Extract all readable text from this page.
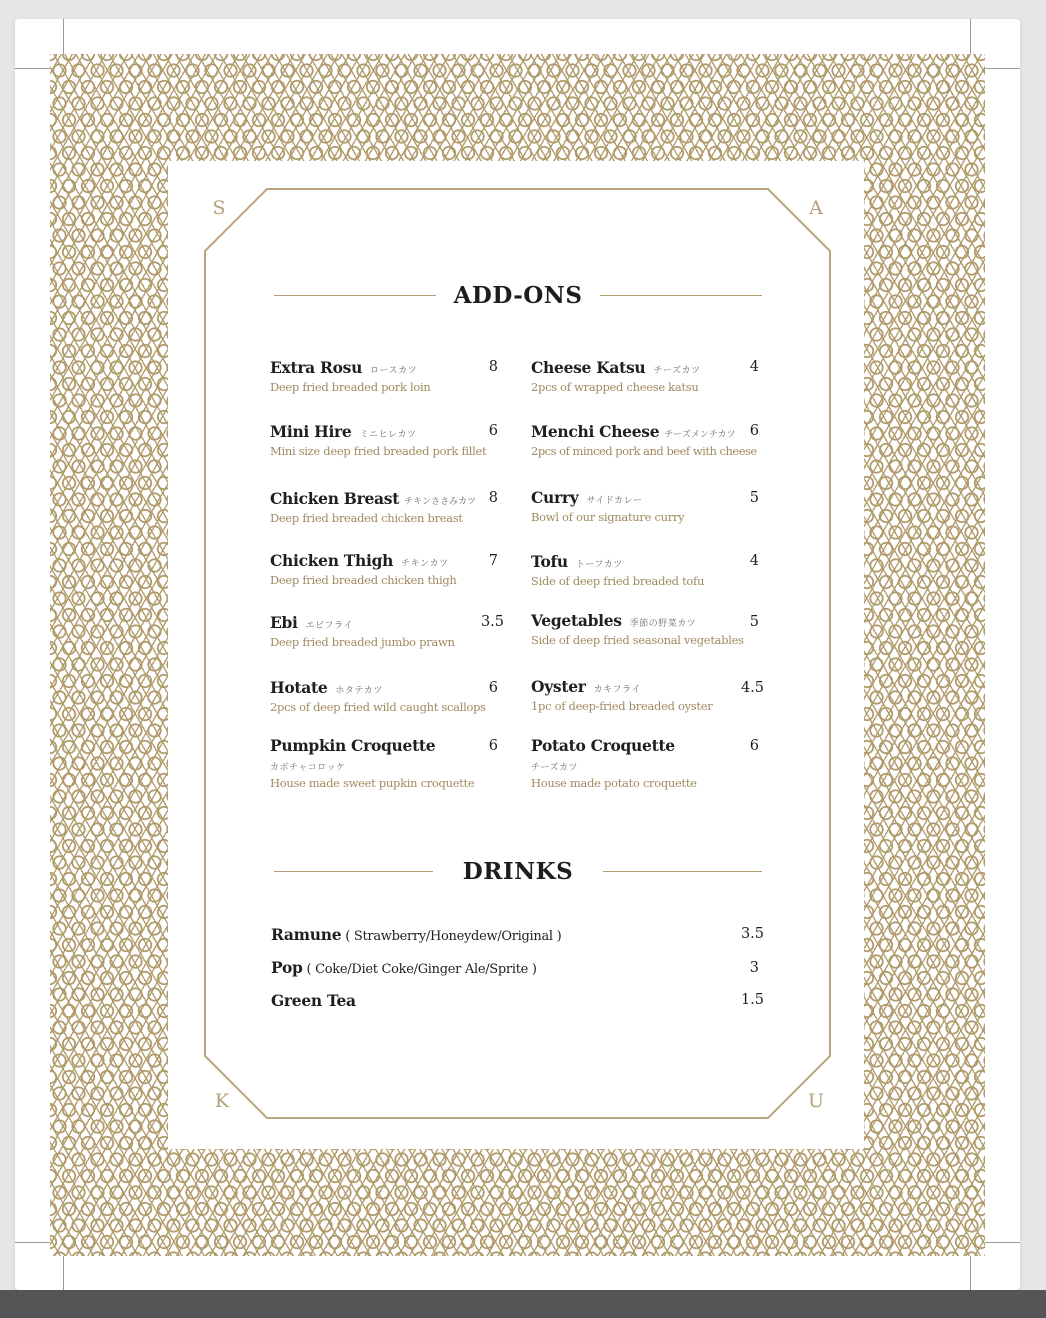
S	A
K	U
ADD-ONS
Extra Rosu ロースカツ
Deep fried breaded pork loin
8
Mini Hire ミニヒレカツ
Mini size deep fried breaded pork fillet
6
Chicken Breast チキンささみカツ
Deep fried breaded chicken breast
8
Chicken Thigh チキンカツ
Deep fried breaded chicken thigh
7
Ebi エビフライ
Deep fried breaded jumbo prawn
3.5
Hotate ホタテカツ
2pcs of deep fried wild caught scallops
6
Pumpkin Croquette
カボチャコロッケ
House made sweet pupkin croquette
6
Cheese Katsu チーズカツ
2pcs of wrapped cheese katsu
4
Menchi Cheese チーズメンチカツ
2pcs of minced pork and beef with cheese
6
Curry サイドカレー
Bowl of our signature curry
5
Tofu トーフカツ
Side of deep fried breaded tofu
4
Vegetables 季節の野菜カツ
Side of deep fried seasonal vegetables
5
Oyster カキフライ
1pc of deep-fried breaded oyster
4.5
Potato Croquette
チーズカツ
House made potato croquette
6
DRINKS
Ramune ( Strawberry/Honeydew/Original )	3.5
Pop ( Coke/Diet Coke/Ginger Ale/Sprite )	3
Green Tea	1.5
